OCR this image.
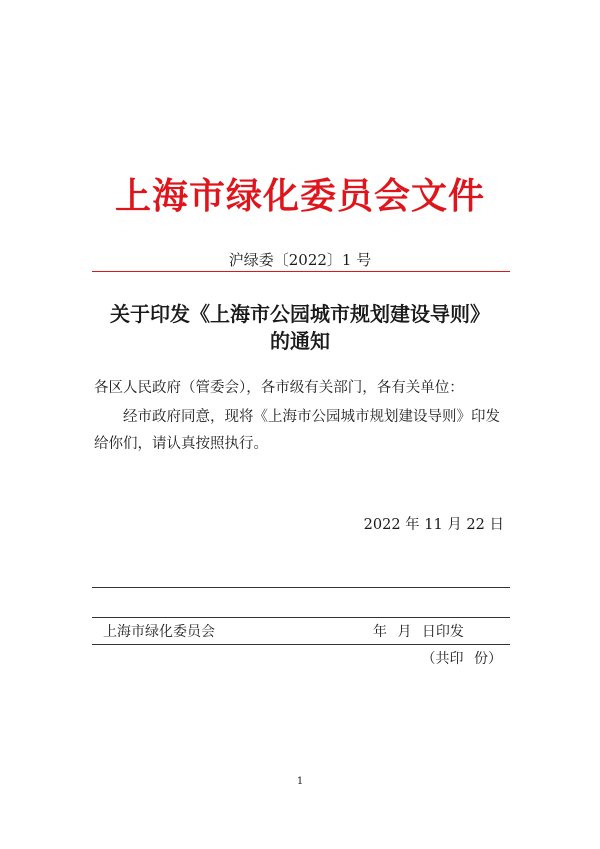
上海市绿化委员会文件
沪绿委〔2022〕1 号
关于印发《上海市公园城市规划建设导则》
的通知
各区人民政府（管委会），各市级有关部门，各有关单位：
经市政府同意，现将《上海市公园城市规划建设导则》印发给你们，请认真按照执行。
2022 年 11 月 22 日
上海市绿化委员会	年 月 日印发
（共印 份）
1
